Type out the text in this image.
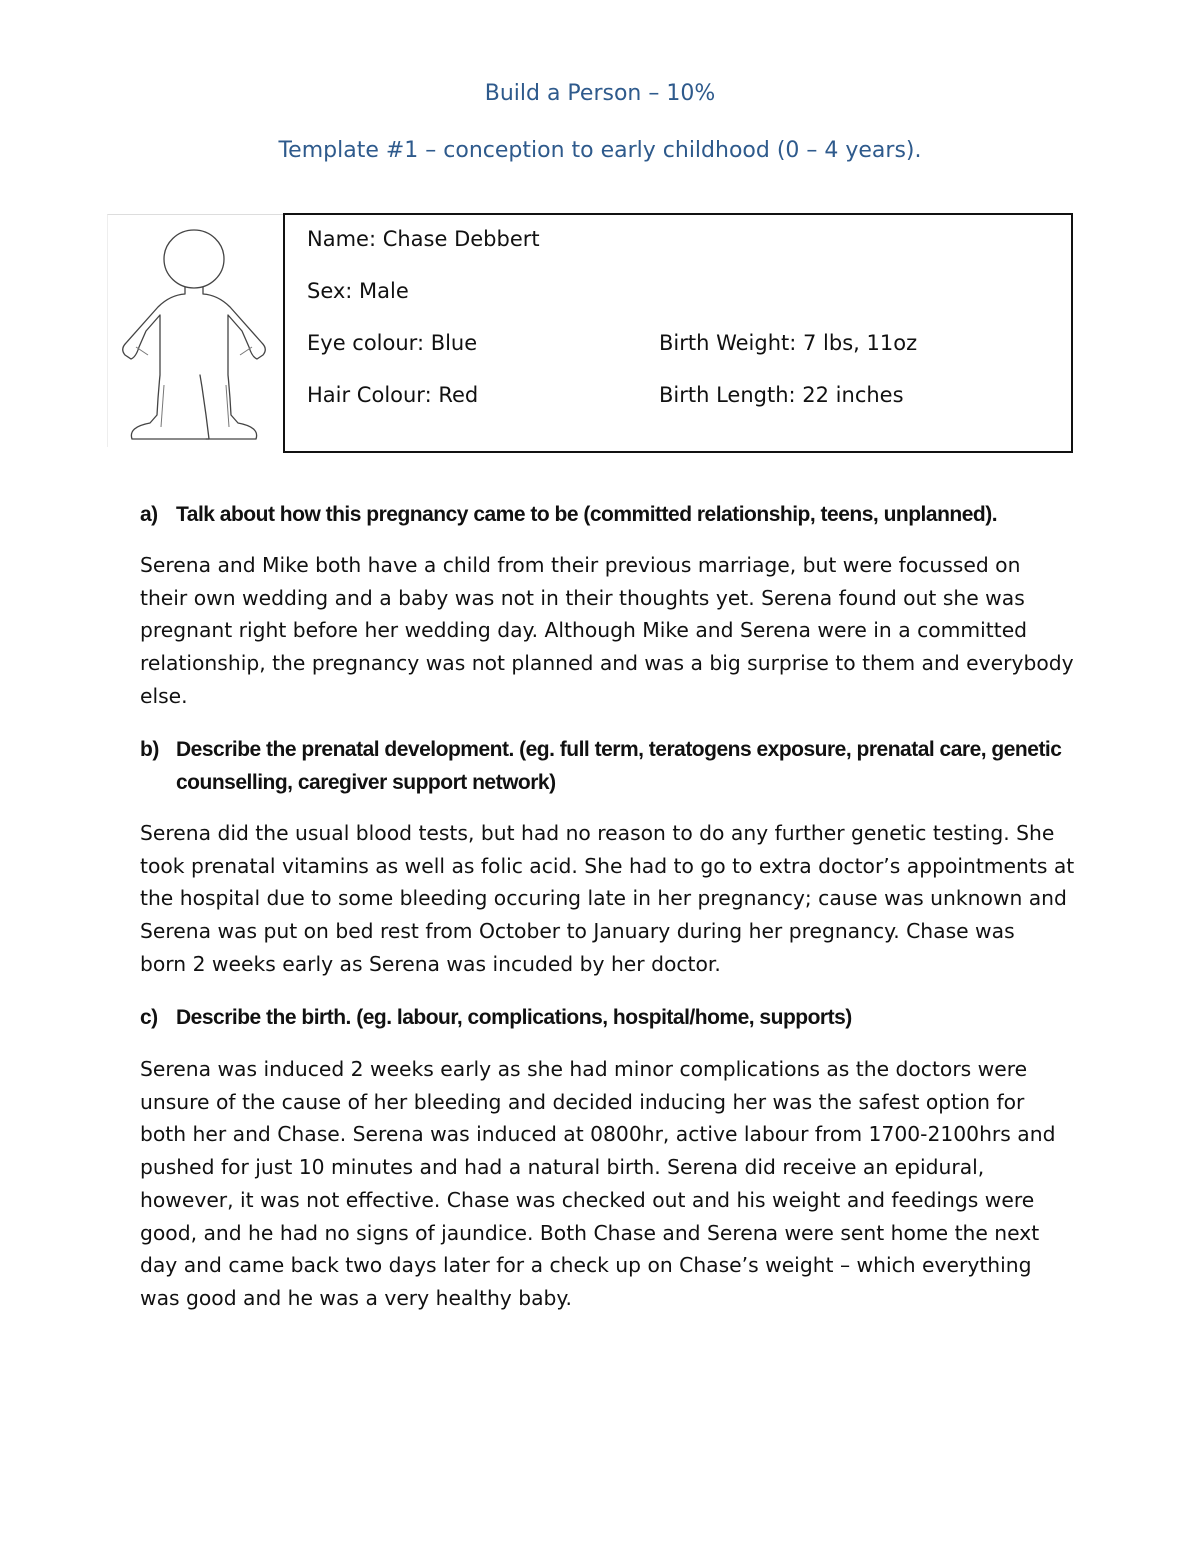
Build a Person – 10%
Template #1 – conception to early childhood (0 – 4 years).
Name: Chase Debbert
Sex: Male
Eye colour: Blue
Hair Colour: Red
Birth Weight: 7 lbs, 11oz
Birth Length: 22 inches
a) Talk about how this pregnancy came to be (committed relationship, teens, unplanned).
Serena and Mike both have a child from their previous marriage, but were focussed on
their own wedding and a baby was not in their thoughts yet. Serena found out she was
pregnant right before her wedding day. Although Mike and Serena were in a committed
relationship, the pregnancy was not planned and was a big surprise to them and everybody
else.
b) Describe the prenatal development. (eg. full term, teratogens exposure, prenatal care, genetic counselling, caregiver support network)
Serena did the usual blood tests, but had no reason to do any further genetic testing. She
took prenatal vitamins as well as folic acid. She had to go to extra doctor’s appointments at
the hospital due to some bleeding occuring late in her pregnancy; cause was unknown and
Serena was put on bed rest from October to January during her pregnancy. Chase was
born 2 weeks early as Serena was incuded by her doctor.
c) Describe the birth. (eg. labour, complications, hospital/home, supports)
Serena was induced 2 weeks early as she had minor complications as the doctors were
unsure of the cause of her bleeding and decided inducing her was the safest option for
both her and Chase. Serena was induced at 0800hr, active labour from 1700-2100hrs and
pushed for just 10 minutes and had a natural birth. Serena did receive an epidural,
however, it was not effective. Chase was checked out and his weight and feedings were
good, and he had no signs of jaundice. Both Chase and Serena were sent home the next
day and came back two days later for a check up on Chase’s weight – which everything
was good and he was a very healthy baby.
